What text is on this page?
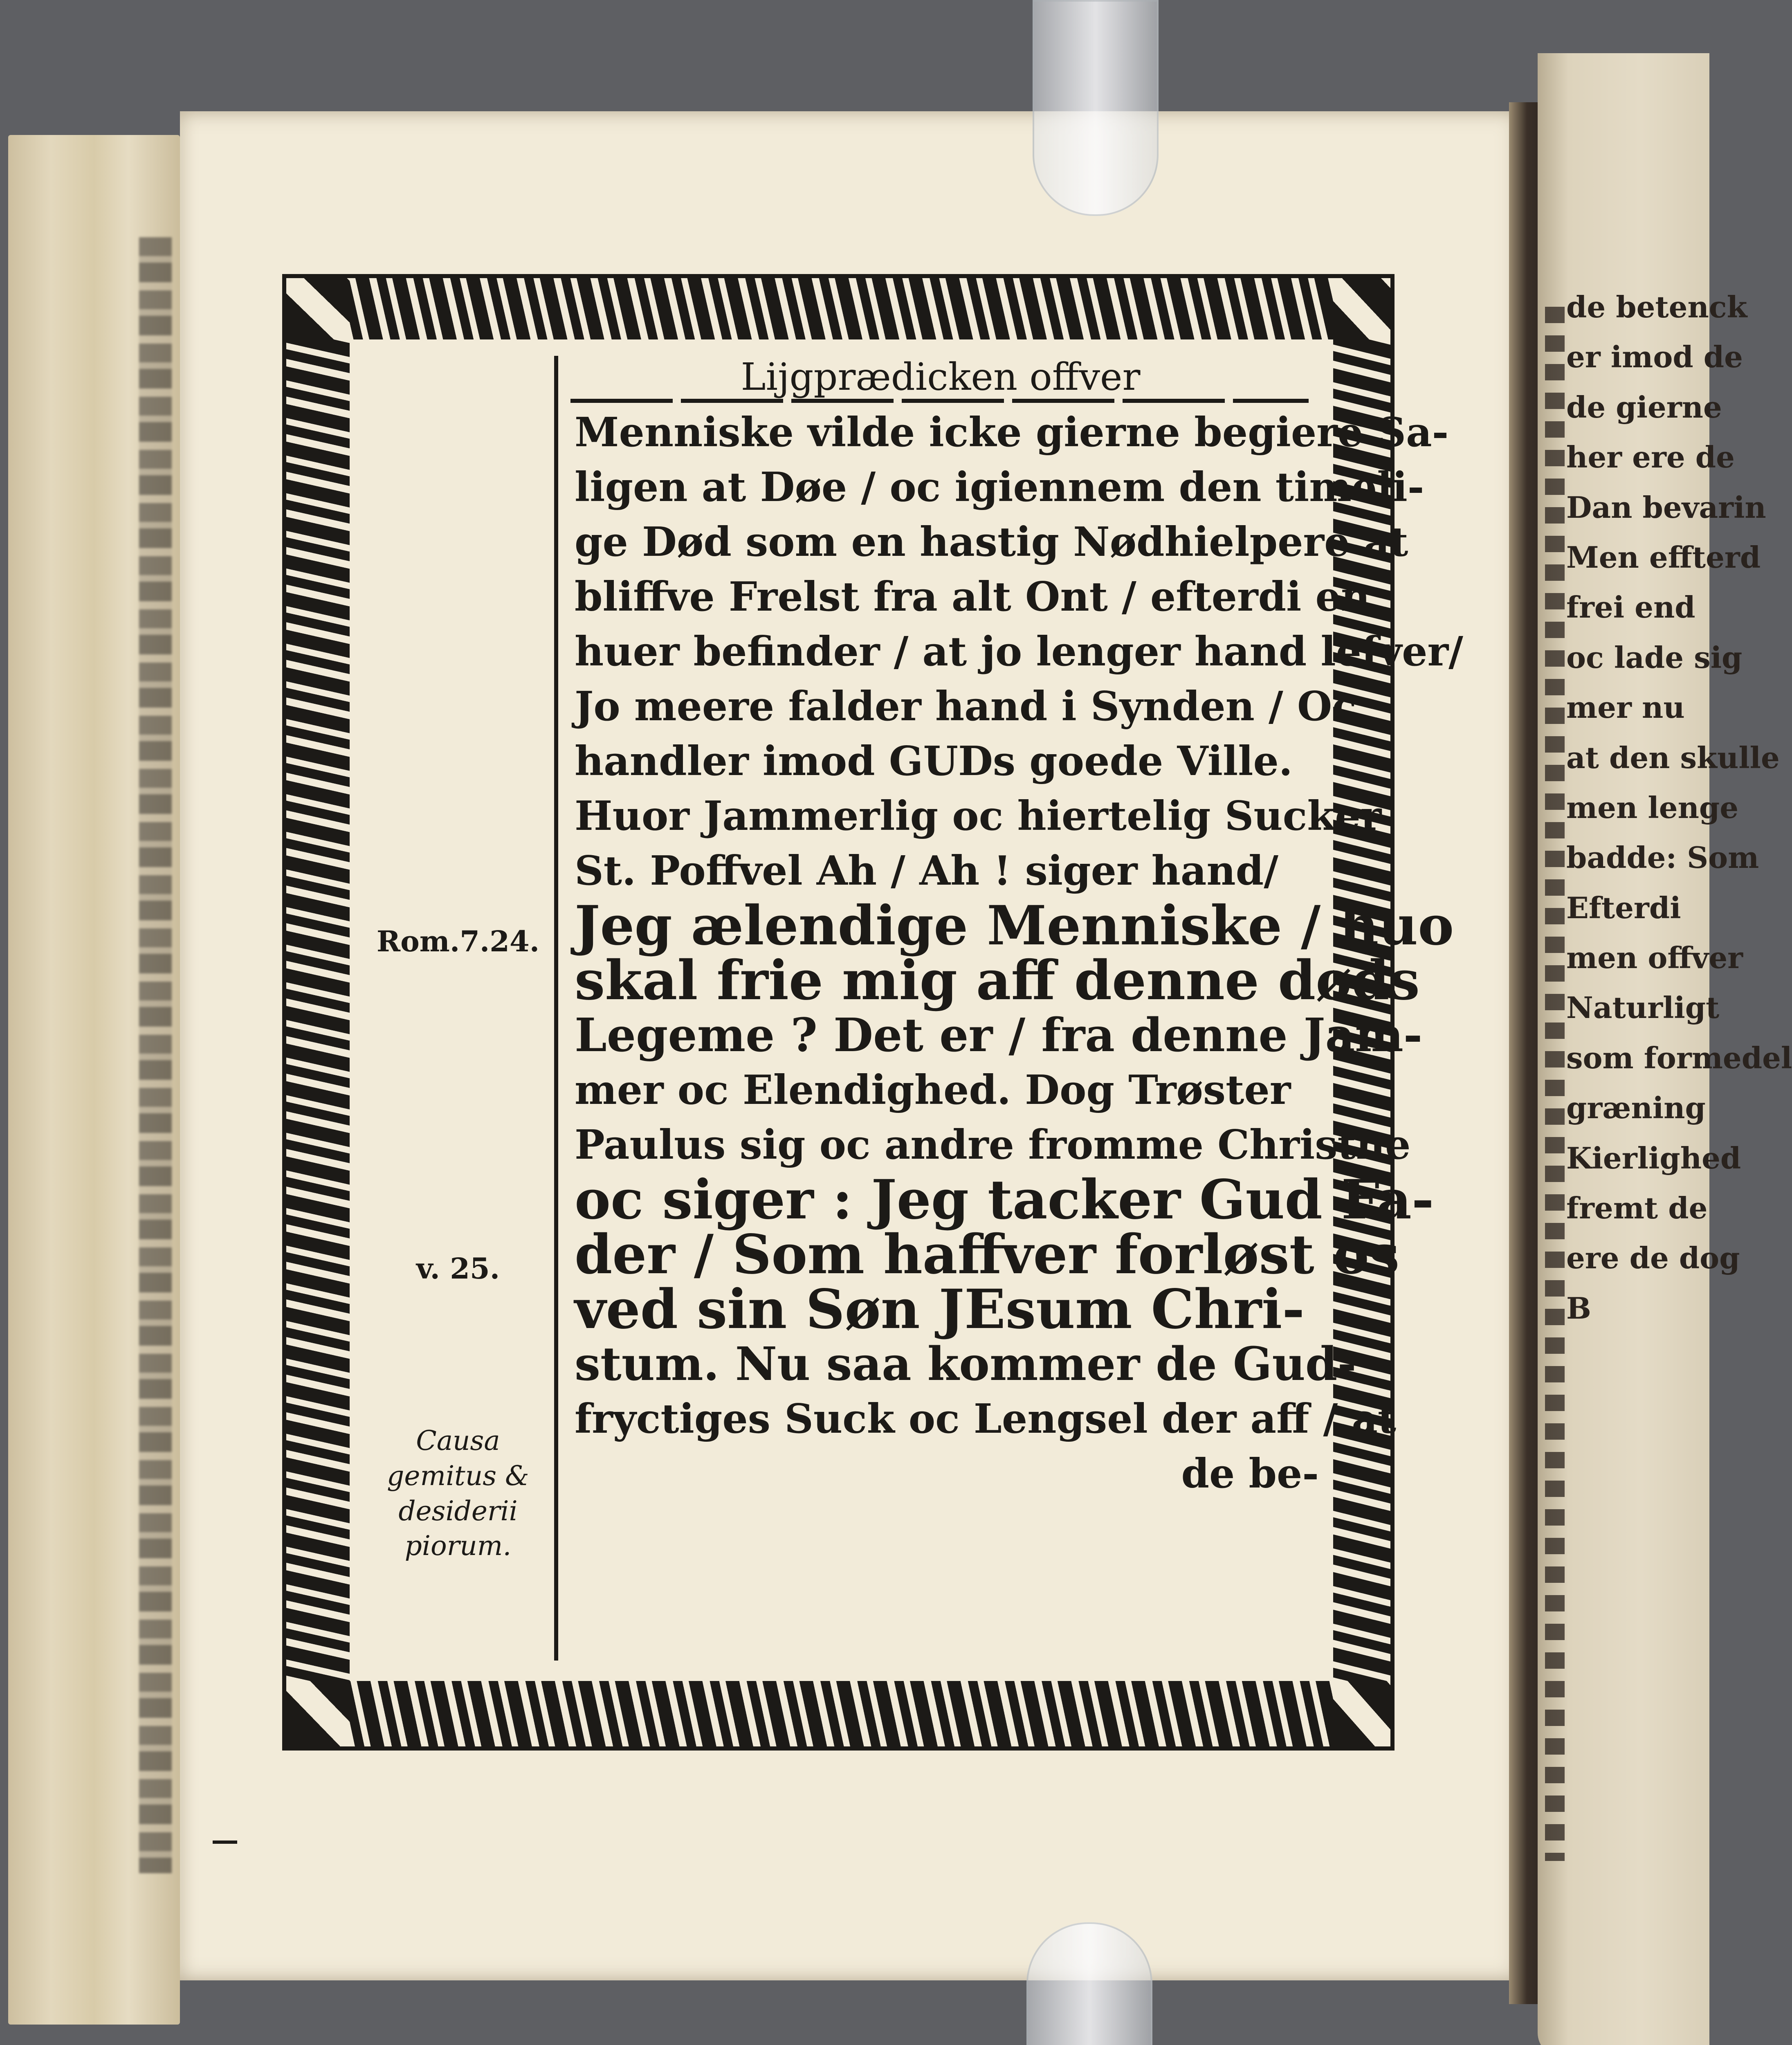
de betenck
er imod de
de gierne
her ere de
Dan bevarin
Men effterd
frei end
oc lade sig
mer nu
at den skulle
men lenge
badde: Som
Efterdi
men offver
Naturligt
som formedel
græning
Kierlighed
fremt de
ere de dog
B
Lijgprædicken offver
Rom.7.24.
v. 25.
Causa gemitus & desiderii piorum.
Menniske vilde icke gierne begiere Sa-
ligen at Døe / oc igiennem den timeli-
ge Død som en hastig Nødhielpere at
bliffve Frelst fra alt Ont / efterdi en
huer befinder / at jo lenger hand lefver/
Jo meere falder hand i Synden / Oc
handler imod GUDs goede Ville.
Huor Jammerlig oc hiertelig Sucker
St. Poffvel Ah / Ah ! siger hand/
Jeg ælendige Menniske / huo
skal frie mig aff denne døds
Legeme ? Det er / fra denne Jam-
mer oc Elendighed. Dog Trøster
Paulus sig oc andre fromme Christne
oc siger : Jeg tacker Gud Fa-
der / Som haffver forløst os
ved sin Søn JEsum Chri-
stum. Nu saa kommer de Gud-
fryctiges Suck oc Lengsel der aff / at
de be-
